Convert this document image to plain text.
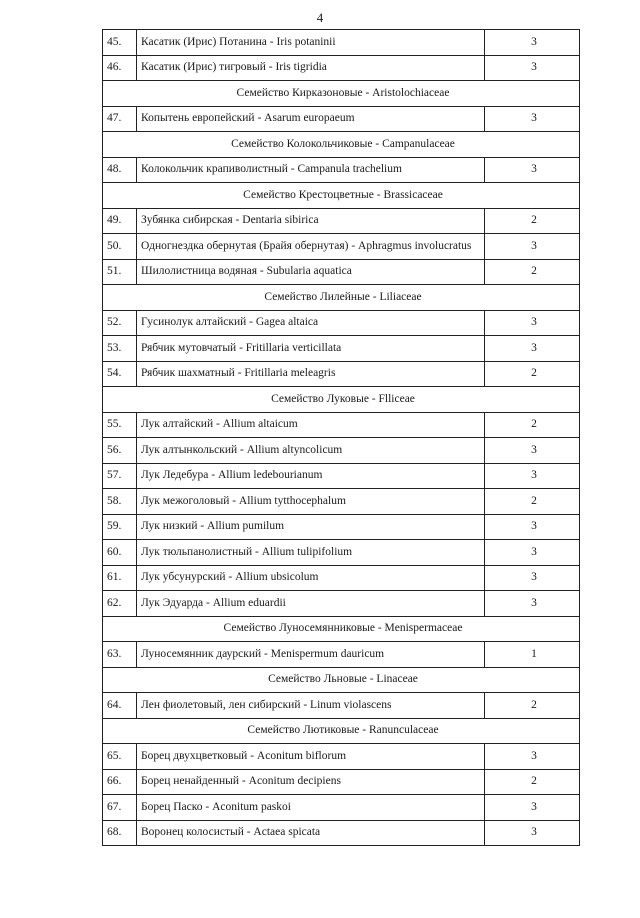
4
45.	Касатик (Ирис) Потанина - Iris potaninii	3
46.	Касатик (Ирис) тигровый - Iris tigridia	3
Семейство Кирказоновые - Aristolochiaceae		
47.	Копытень европейский - Asarum europaeum	3
Семейство Колокольчиковые - Campanulaceae		
48.	Колокольчик крапиволистный - Campanula trachelium	3
Семейство Крестоцветные - Brassicaceae		
49.	Зубянка сибирская - Dentaria sibirica	2
50.	Одногнездка обернутая (Брайя обернутая) - Aphragmus involucratus	3
51.	Шилолистница водяная - Subularia aquatica	2
Семейство Лилейные - Liliaceae		
52.	Гусинолук алтайский - Gagea altaica	3
53.	Рябчик мутовчатый - Fritillaria verticillata	3
54.	Рябчик шахматный - Fritillaria meleagris	2
Семейство Луковые - Flliceae		
55.	Лук алтайский - Allium altaicum	2
56.	Лук алтынкольский - Allium altyncolicum	3
57.	Лук Ледебура - Allium ledebourianum	3
58.	Лук межоголовый - Allium tytthocephalum	2
59.	Лук низкий - Allium pumilum	3
60.	Лук тюльпанолистный - Allium tulipifolium	3
61.	Лук убсунурский - Allium ubsicolum	3
62.	Лук Эдуарда - Allium eduardii	3
Семейство Луносемянниковые - Menispermaceae		
63.	Луносемянник даурский - Menispermum dauricum	1
Семейство Льновые - Linaceae		
64.	Лен фиолетовый, лен сибирский - Linum violascens	2
Семейство Лютиковые - Ranunculaceae		
65.	Борец двухцветковый - Aconitum biflorum	3
66.	Борец ненайденный - Aconitum decipiens	2
67.	Борец Паско - Aconitum paskoi	3
68.	Воронец колосистый - Actaea spicata	3
